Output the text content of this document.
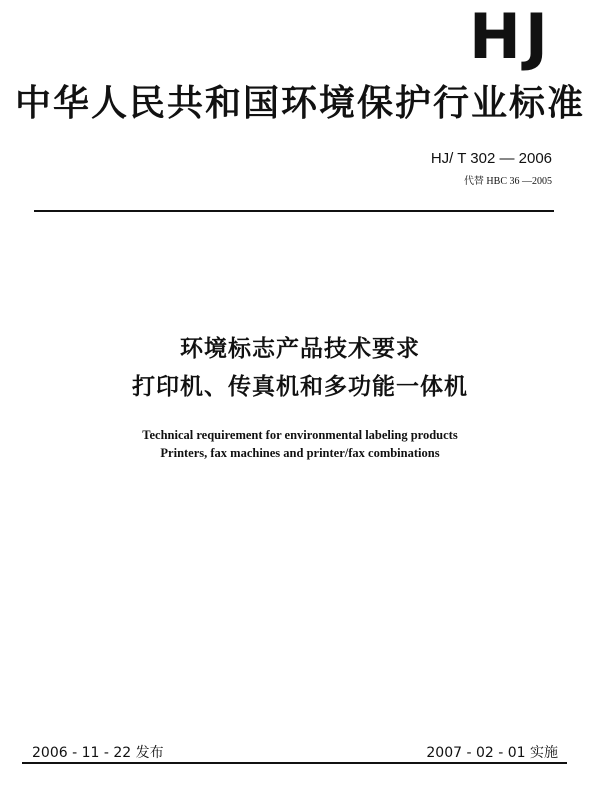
HJ
中华人民共和国环境保护行业标准
HJ/ T 302 — 2006
代替 HBC 36 —2005
环境标志产品技术要求
打印机、传真机和多功能一体机
Technical requirement for environmental labeling products
Printers, fax machines and printer/fax combinations
2006 - 11 - 22 发布	2007 - 02 - 01 实施
